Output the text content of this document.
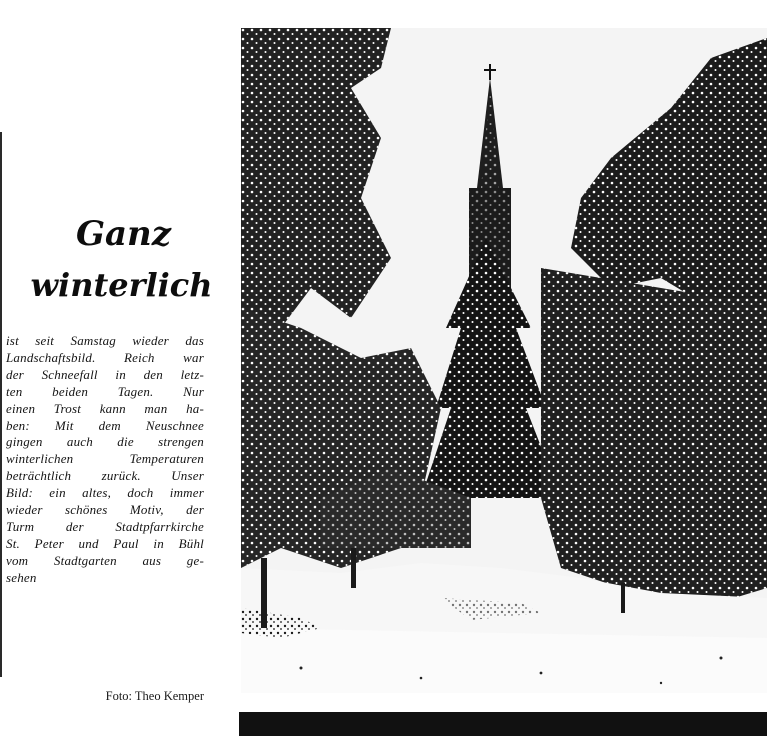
Ganz
winterlich

ist seit Samstag wieder das
Landschaftsbild. Reich war
der Schneefall in den letz-
ten beiden Tagen. Nur
einen Trost kann man ha-
ben: Mit dem Neuschnee
gingen auch die strengen
winterlichen Temperaturen
beträchtlich zurück. Unser
Bild: ein altes, doch immer
wieder schönes Motiv, der
Turm der Stadtpfarrkirche
St. Peter und Paul in Bühl
vom Stadtgarten aus ge-
sehen

Foto: Theo Kemper
